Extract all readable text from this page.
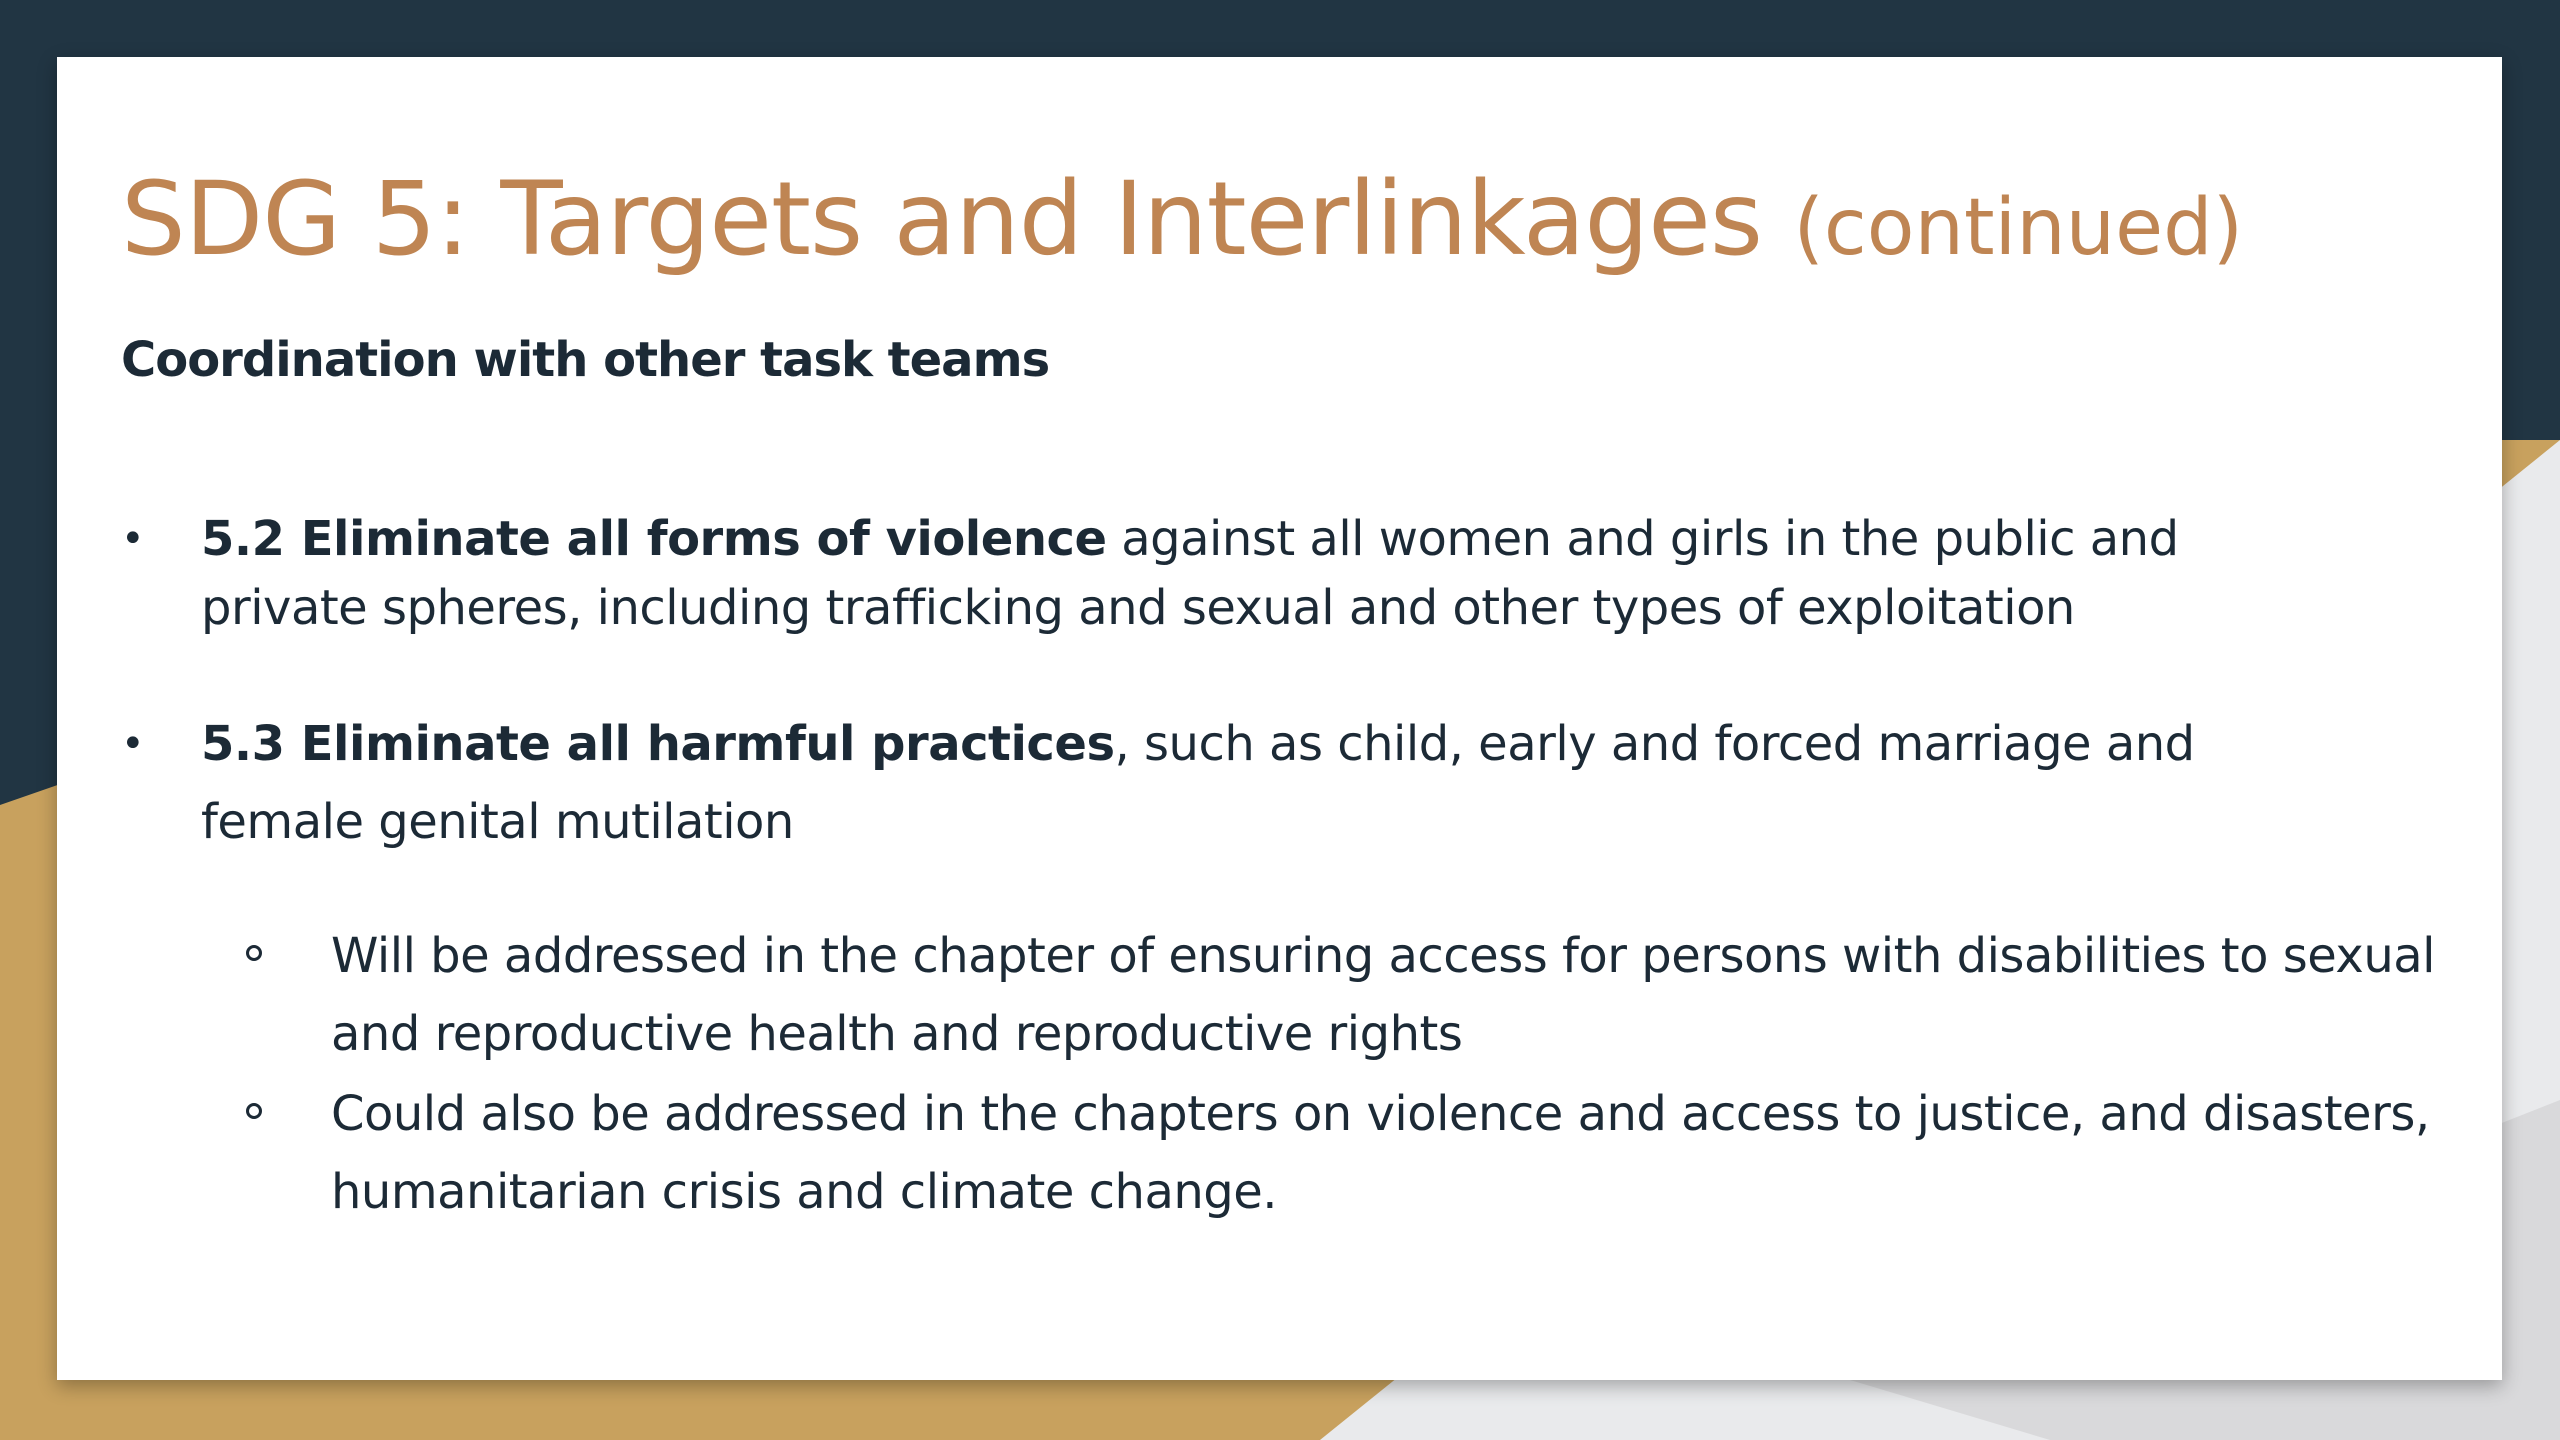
SDG 5: Targets and Interlinkages (continued)
Coordination with other task teams
•	5.2 Eliminate all forms of violence against all women and girls in the public and private spheres, including trafficking and sexual and other types of exploitation
•	5.3 Eliminate all harmful practices, such as child, early and forced marriage and female genital mutilation
Will be addressed in the chapter of ensuring access for persons with disabilities to sexual and reproductive health and reproductive rights
Could also be addressed in the chapters on violence and access to justice, and disasters, humanitarian crisis and climate change.
